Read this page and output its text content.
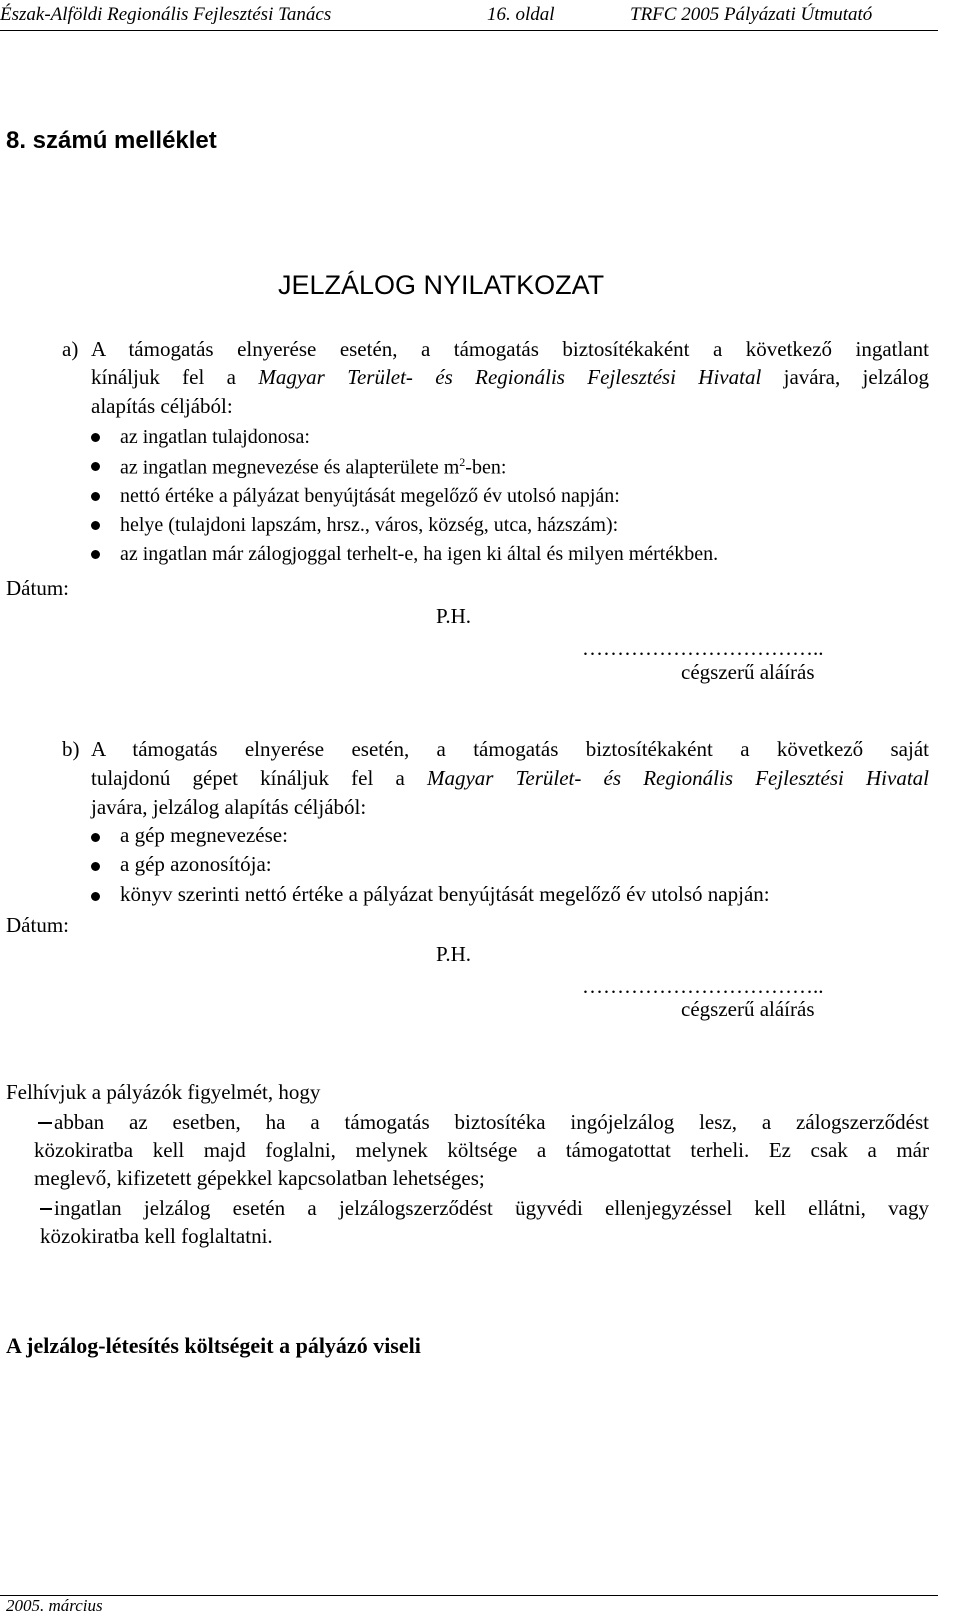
Észak-Alföldi Regionális Fejlesztési Tanács	16. oldal	TRFC 2005 Pályázati Útmutató
8. számú melléklet
JELZÁLOG NYILATKOZAT
a) A támogatás elnyerése esetén, a támogatás biztosítékaként a következő ingatlant
kínáljuk fel a Magyar Terület- és Regionális Fejlesztési Hivatal javára, jelzálog
alapítás céljából:
az ingatlan tulajdonosa:
az ingatlan megnevezése és alapterülete $m^2$-ben:
nettó értéke a pályázat benyújtását megelőző év utolsó napján:
helye (tulajdoni lapszám, hrsz., város, község, utca, házszám):
az ingatlan már zálogjoggal terhelt-e, ha igen ki által és milyen mértékben.
Dátum:
P.H.
……………………………..
cégszerű aláírás
b) A támogatás elnyerése esetén, a támogatás biztosítékaként a következő saját
tulajdonú gépet kínáljuk fel a Magyar Terület- és Regionális Fejlesztési Hivatal
javára, jelzálog alapítás céljából:
a gép megnevezése:
a gép azonosítója:
könyv szerinti nettó értéke a pályázat benyújtását megelőző év utolsó napján:
Dátum:
P.H.
……………………………..
cégszerű aláírás
Felhívjuk a pályázók figyelmét, hogy
abban az esetben, ha a támogatás biztosítéka ingójelzálog lesz, a zálogszerződést
közokiratba kell majd foglalni, melynek költsége a támogatottat terheli. Ez csak a már
meglevő, kifizetett gépekkel kapcsolatban lehetséges;
ingatlan jelzálog esetén a jelzálogszerződést ügyvédi ellenjegyzéssel kell ellátni, vagy
közokiratba kell foglaltatni.
A jelzálog-létesítés költségeit a pályázó viseli
2005. március
